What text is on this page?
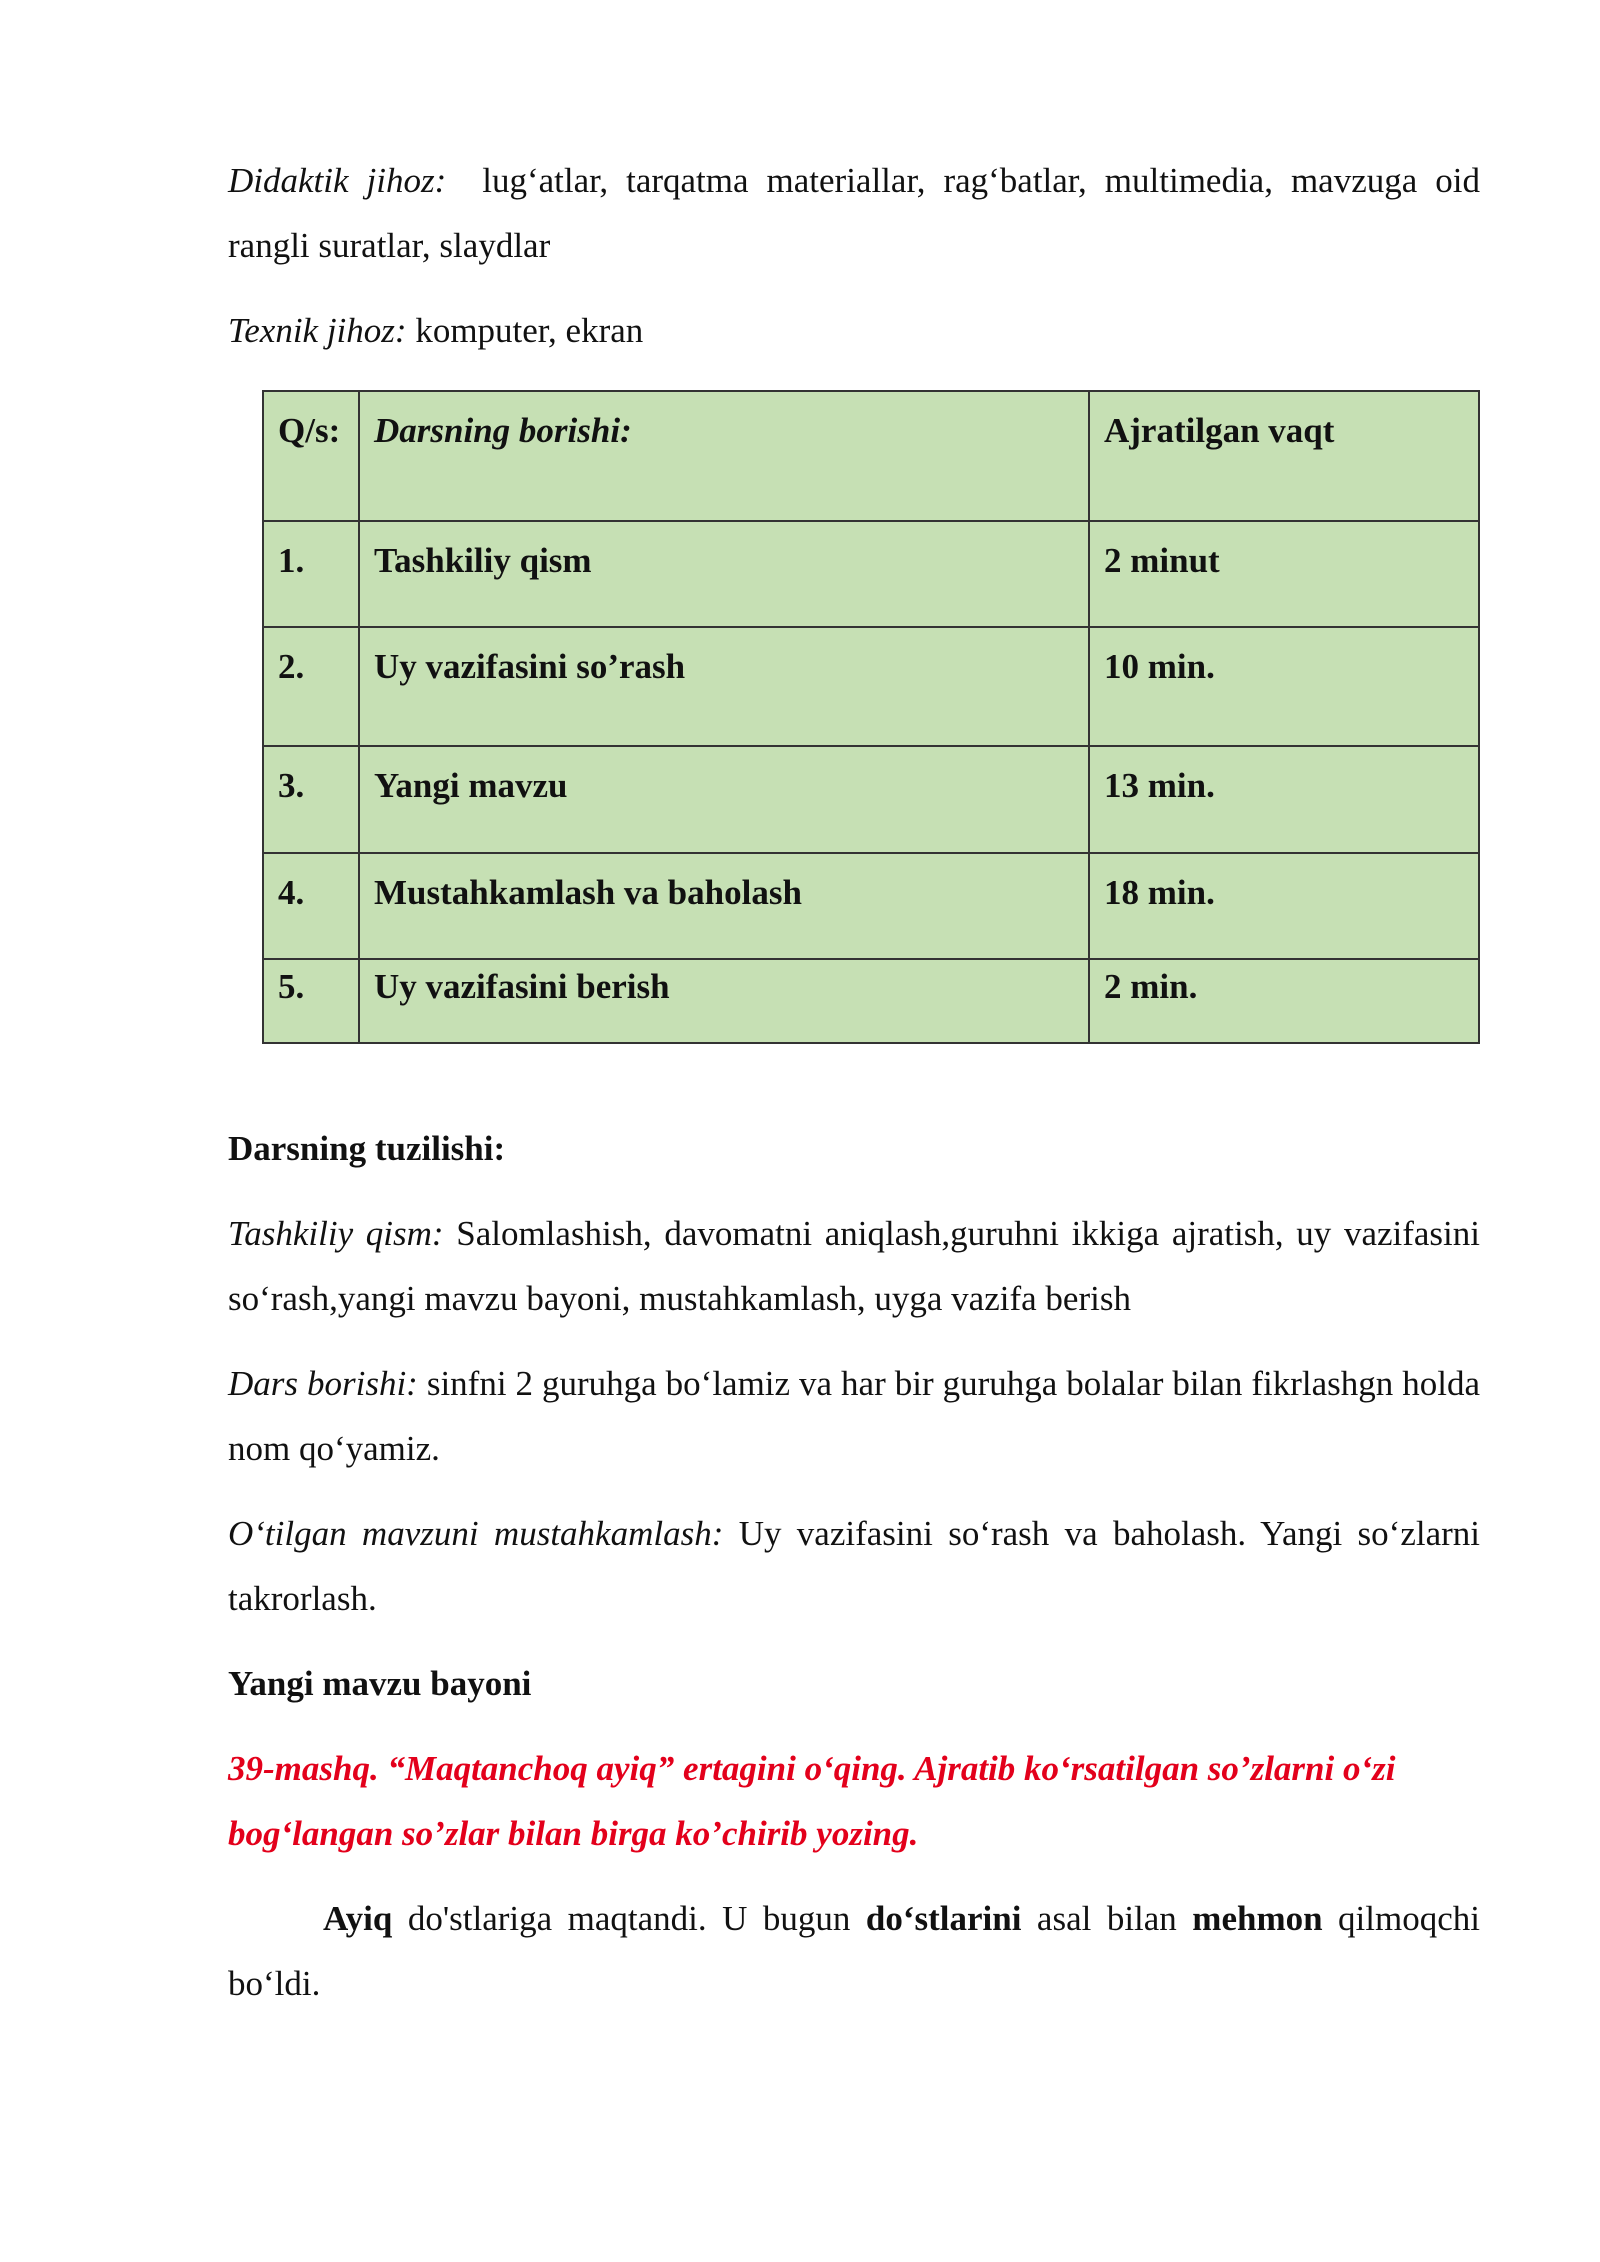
Didaktik jihoz: lug‘atlar, tarqatma materiallar, rag‘batlar, multimedia, mavzuga oid rangli suratlar, slaydlar

Texnik jihoz: komputer, ekran

Q/s:	Darsning borishi:	Ajratilgan vaqt
1.	Tashkiliy qism	2 minut
2.	Uy vazifasini so’rash	10 min.
3.	Yangi mavzu	13 min.
4.	Mustahkamlash va baholash	18 min.
5.	Uy vazifasini berish	2 min.

Darsning tuzilishi:

Tashkiliy qism: Salomlashish, davomatni aniqlash,guruhni ikkiga ajratish, uy vazifasini so‘rash,yangi mavzu bayoni, mustahkamlash, uyga vazifa berish

Dars borishi: sinfni 2 guruhga bo‘lamiz va har bir guruhga bolalar bilan fikrlashgn holda nom qo‘yamiz.

O‘tilgan mavzuni mustahkamlash: Uy vazifasini so‘rash va baholash. Yangi so‘zlarni takrorlash.

Yangi mavzu bayoni

39-mashq. “Maqtanchoq ayiq” ertagini o‘qing. Ajratib ko‘rsatilgan so’zlarni o‘zi bog‘langan so’zlar bilan birga ko’chirib yozing.

Ayiq do'stlariga maqtandi. U bugun do‘stlarini asal bilan mehmon qilmoqchi bo‘ldi.
